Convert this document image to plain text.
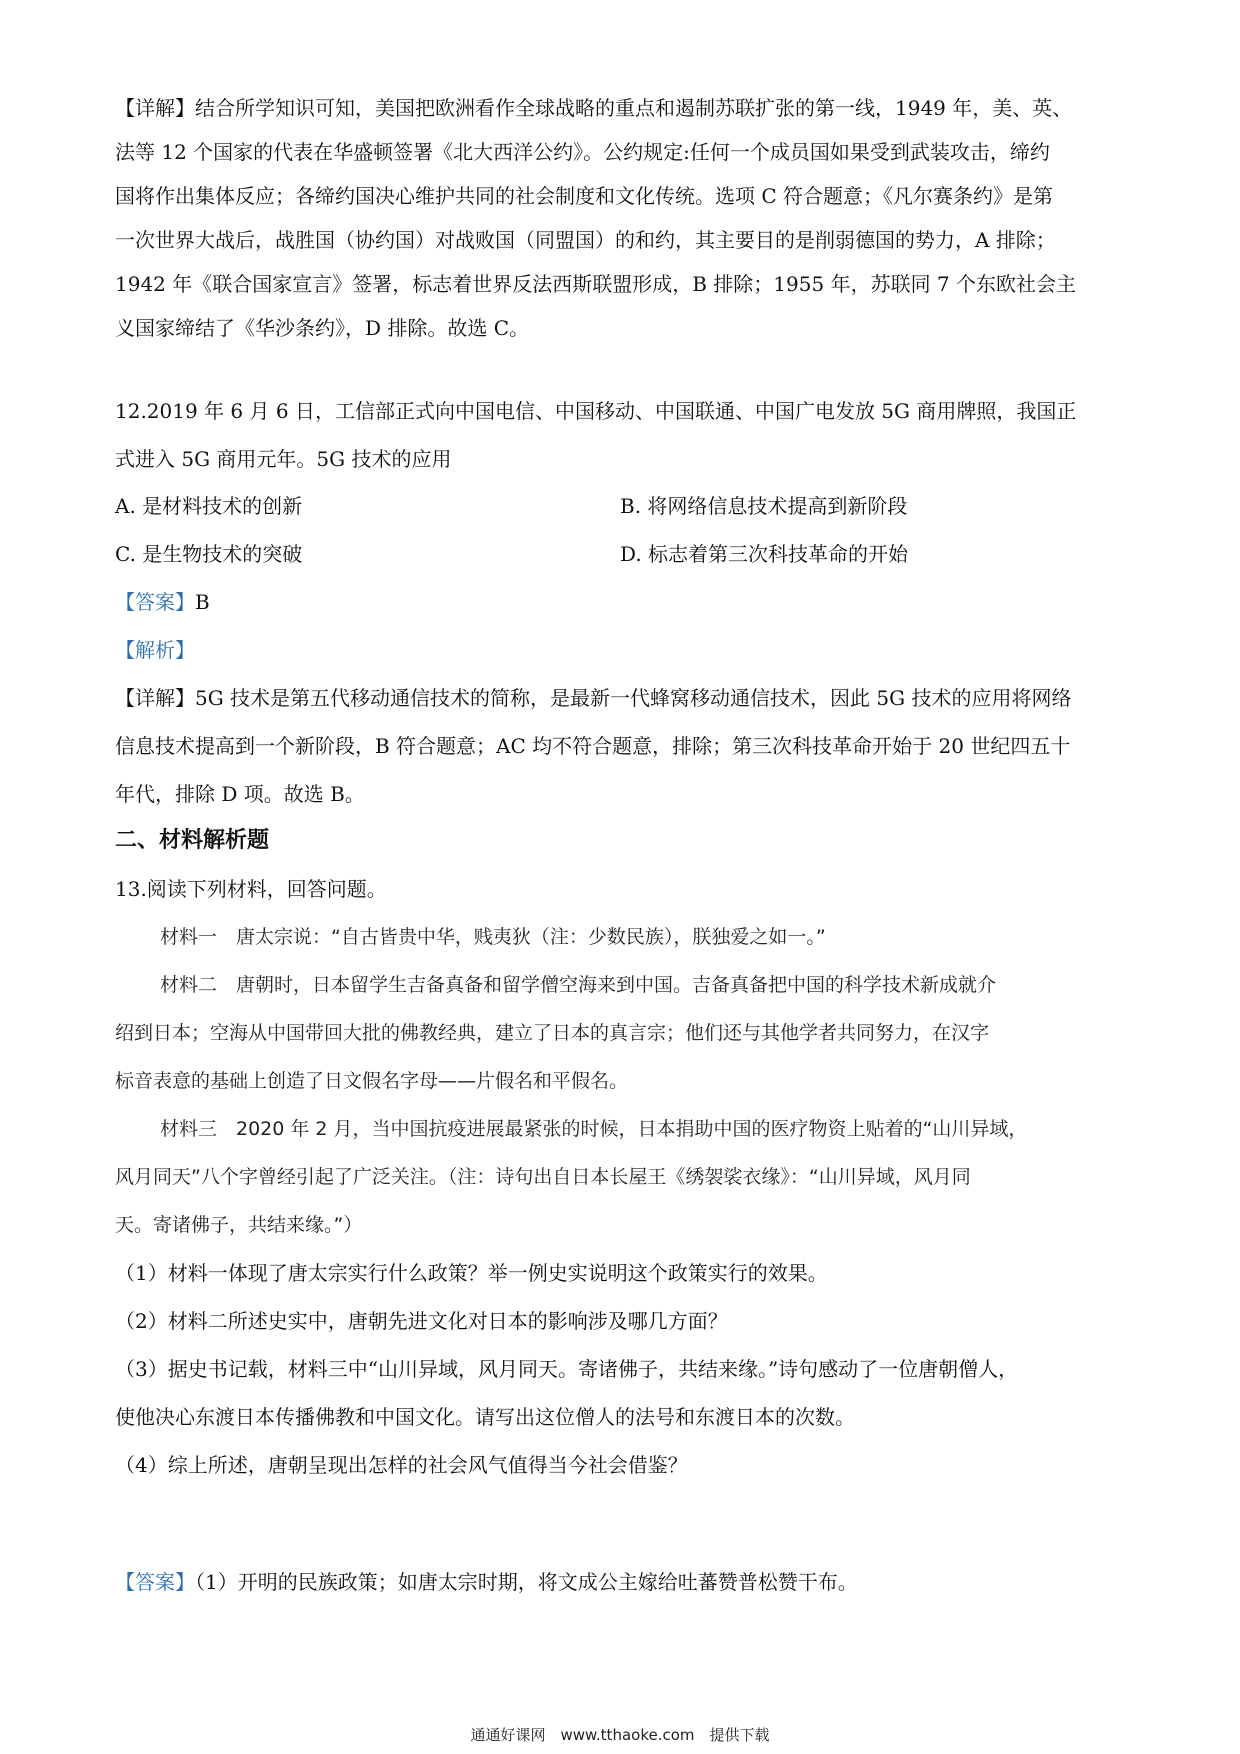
【详解】结合所学知识可知，美国把欧洲看作全球战略的重点和遏制苏联扩张的第一线，1949 年，美、英、
法等 12 个国家的代表在华盛顿签署《北大西洋公约》。公约规定:任何一个成员国如果受到武装攻击，缔约
国将作出集体反应；各缔约国决心维护共同的社会制度和文化传统。选项 C 符合题意；《凡尔赛条约》是第
一次世界大战后，战胜国（协约国）对战败国（同盟国）的和约，其主要目的是削弱德国的势力，A 排除；
1942 年《联合国家宣言》签署，标志着世界反法西斯联盟形成，B 排除；1955 年，苏联同 7 个东欧社会主
义国家缔结了《华沙条约》，D 排除。故选 C。
12.2019 年 6 月 6 日，工信部正式向中国电信、中国移动、中国联通、中国广电发放 5G 商用牌照，我国正
式进入 5G 商用元年。5G 技术的应用
A. 是材料技术的创新	B. 将网络信息技术提高到新阶段
C. 是生物技术的突破	D. 标志着第三次科技革命的开始
【答案】B
【解析】
【详解】5G 技术是第五代移动通信技术的简称，是最新一代蜂窝移动通信技术，因此 5G 技术的应用将网络
信息技术提高到一个新阶段，B 符合题意；AC 均不符合题意，排除；第三次科技革命开始于 20 世纪四五十
年代，排除 D 项。故选 B。
二、材料解析题
13.阅读下列材料，回答问题。
材料一　唐太宗说：“自古皆贵中华，贱夷狄（注：少数民族），朕独爱之如一。”
材料二　唐朝时，日本留学生吉备真备和留学僧空海来到中国。吉备真备把中国的科学技术新成就介
绍到日本；空海从中国带回大批的佛教经典，建立了日本的真言宗；他们还与其他学者共同努力，在汉字
标音表意的基础上创造了日文假名字母——片假名和平假名。
材料三　2020 年 2 月，当中国抗疫进展最紧张的时候，日本捐助中国的医疗物资上贴着的“山川异域，
风月同天”八个字曾经引起了广泛关注。（注：诗句出自日本长屋王《绣袈裟衣缘》：“山川异域，风月同
天。寄诸佛子，共结来缘。”）
（1）材料一体现了唐太宗实行什么政策？举一例史实说明这个政策实行的效果。
（2）材料二所述史实中，唐朝先进文化对日本的影响涉及哪几方面？
（3）据史书记载，材料三中“山川异域，风月同天。寄诸佛子，共结来缘。”诗句感动了一位唐朝僧人，
使他决心东渡日本传播佛教和中国文化。请写出这位僧人的法号和东渡日本的次数。
（4）综上所述，唐朝呈现出怎样的社会风气值得当今社会借鉴？
【答案】（1）开明的民族政策；如唐太宗时期，将文成公主嫁给吐蕃赞普松赞干布。
通通好课网　www.tthaoke.com　提供下载
